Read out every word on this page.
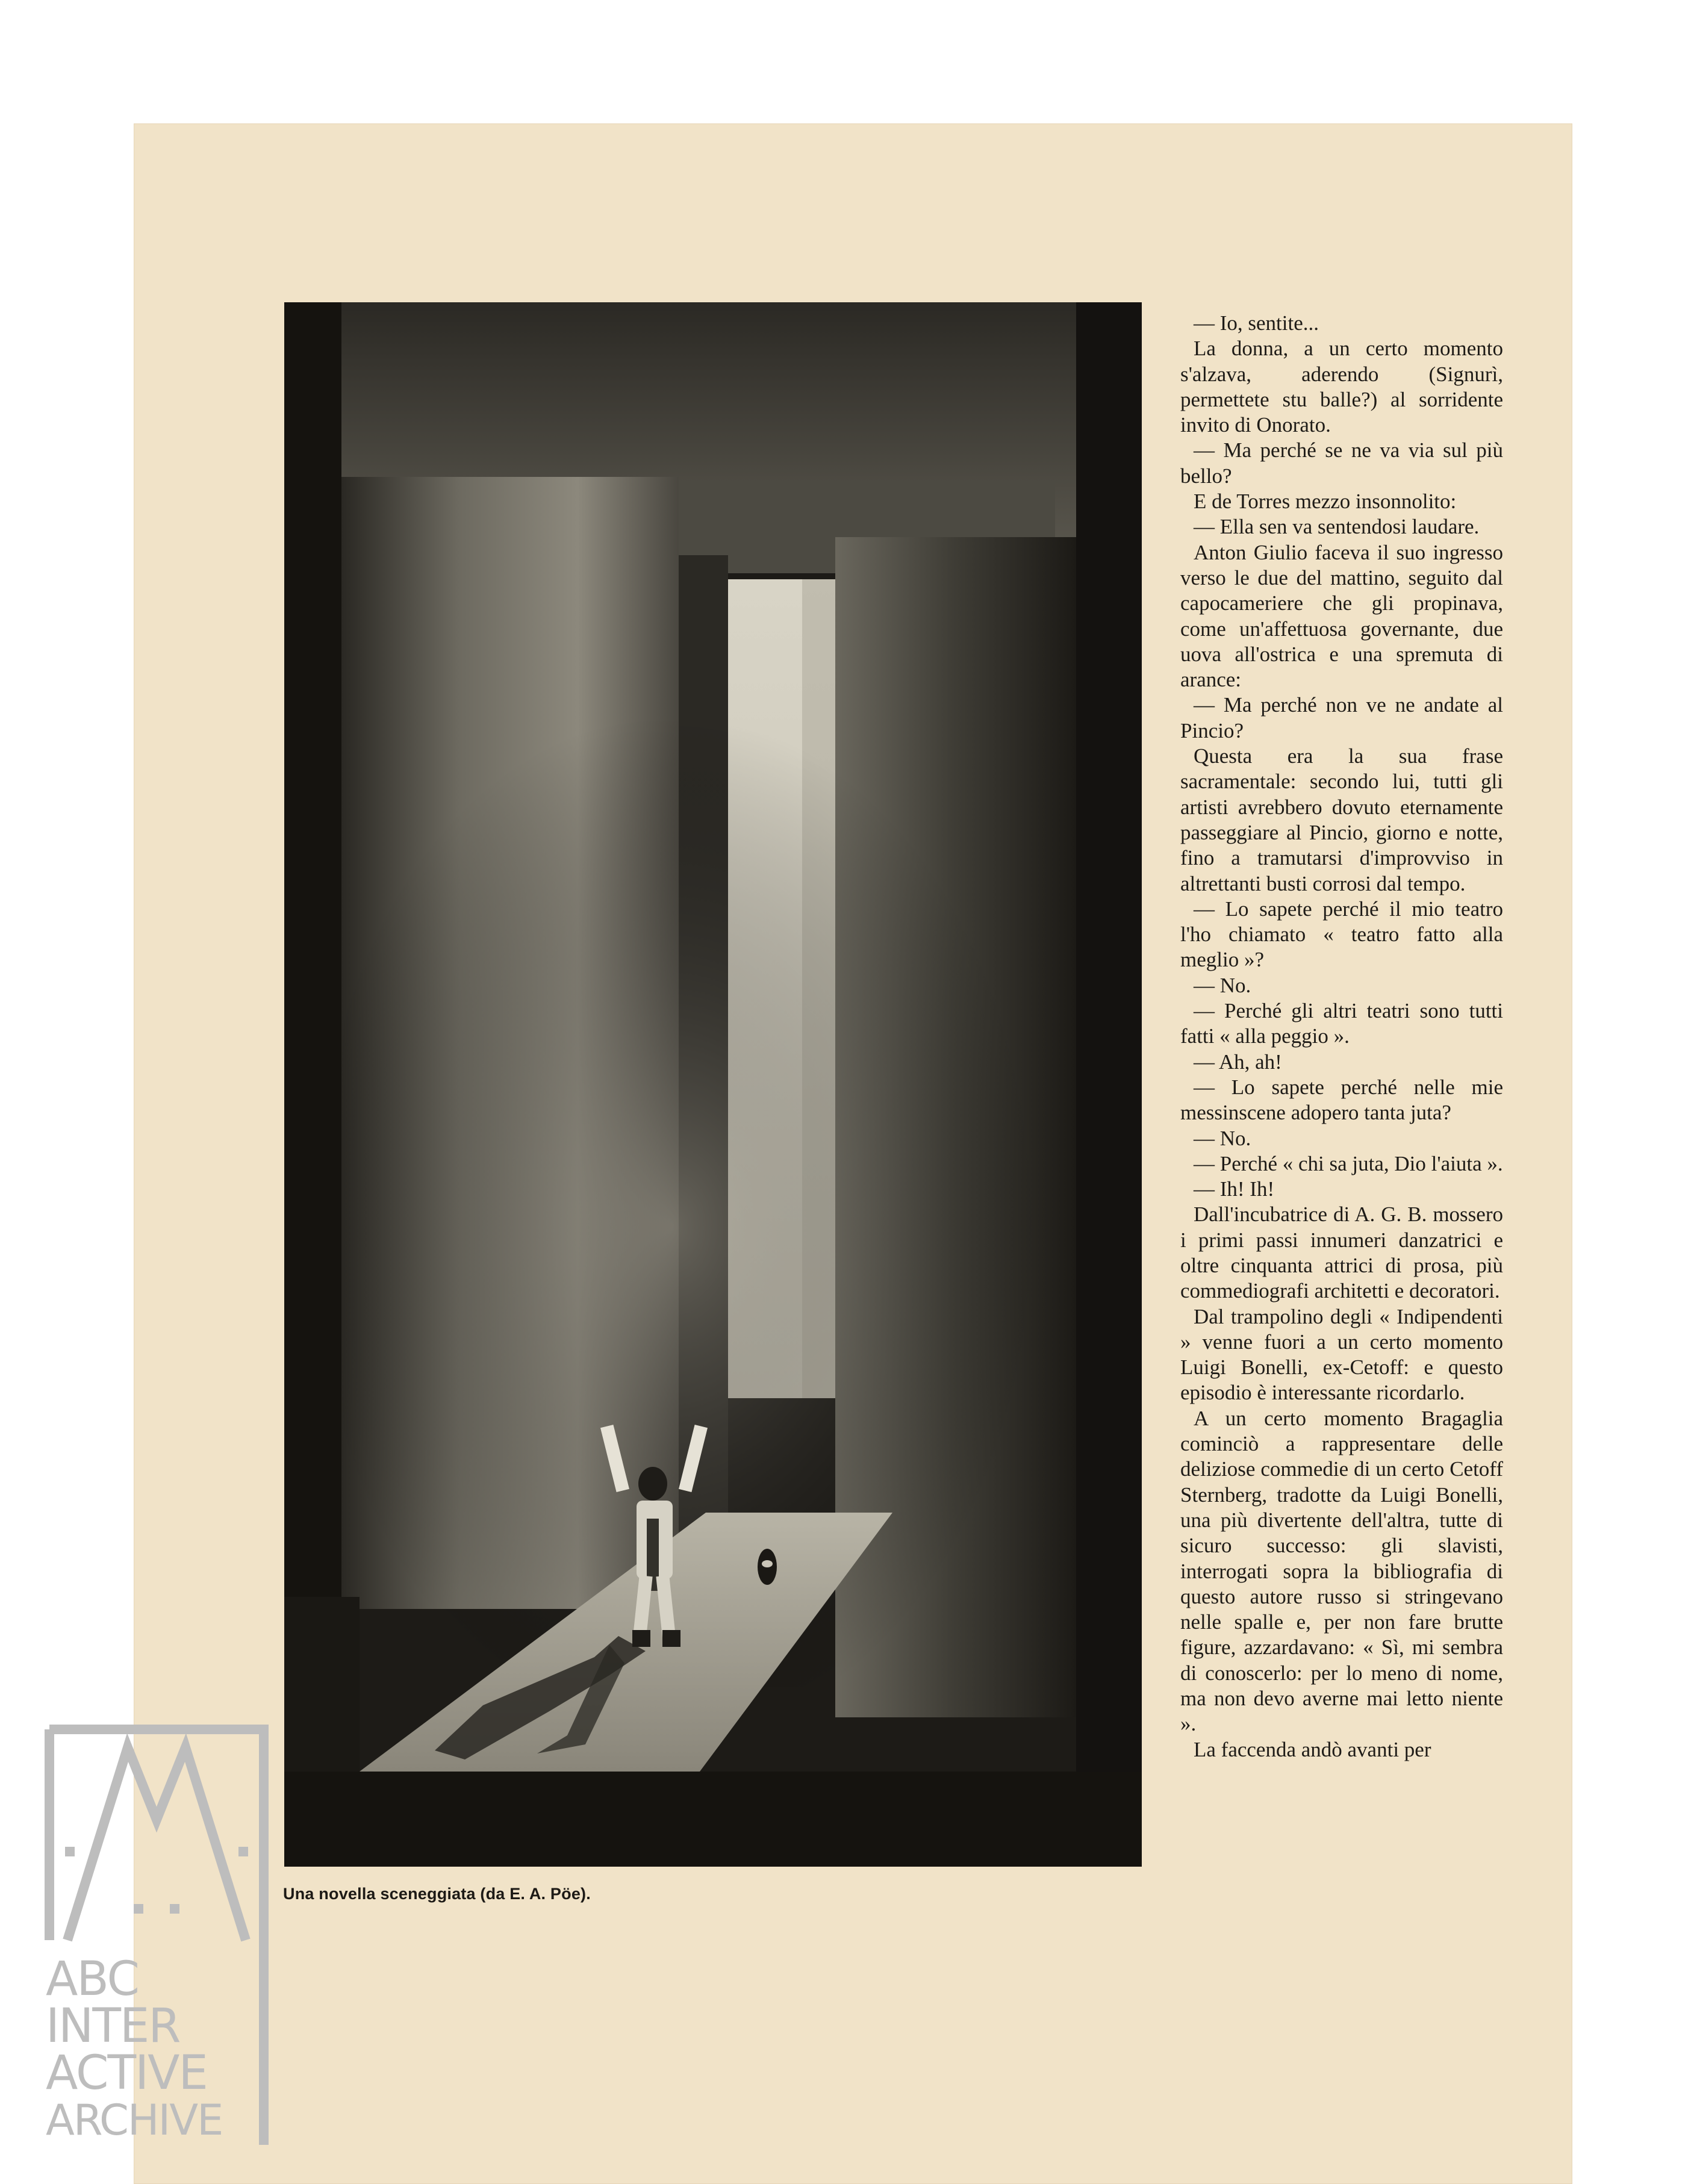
Una novella sceneggiata (da E. A. Pöe).

— Io, sentite...

La donna, a un certo momento s'alzava, aderendo (Signurì, permettete stu balle?) al sorridente invito di Onorato.

— Ma perché se ne va via sul più bello?

E de Torres mezzo insonnolito:

— Ella sen va sentendosi laudare.

Anton Giulio faceva il suo ingresso verso le due del mattino, seguito dal capocameriere che gli propinava, come un'affettuosa governante, due uova all'ostrica e una spremuta di arance:

— Ma perché non ve ne andate al Pincio?

Questa era la sua frase sacramentale: secondo lui, tutti gli artisti avrebbero dovuto eternamente passeggiare al Pincio, giorno e notte, fino a tramutarsi d'improvviso in altrettanti busti corrosi dal tempo.

— Lo sapete perché il mio teatro l'ho chiamato « teatro fatto alla meglio »?

— No.

— Perché gli altri teatri sono tutti fatti « alla peggio ».

— Ah, ah!

— Lo sapete perché nelle mie messinscene adopero tanta juta?

— No.

— Perché « chi sa juta, Dio l'aiuta ».

— Ih! Ih!

Dall'incubatrice di A. G. B. mossero i primi passi innumeri danzatrici e oltre cinquanta attrici di prosa, più commediografi architetti e decoratori.

Dal trampolino degli « Indipendenti » venne fuori a un certo momento Luigi Bonelli, ex-Cetoff: e questo episodio è interessante ricordarlo.

A un certo momento Bragaglia cominciò a rappresentare delle deliziose commedie di un certo Cetoff Sternberg, tradotte da Luigi Bonelli, una più divertente dell'altra, tutte di sicuro successo: gli slavisti, interrogati sopra la bibliografia di questo autore russo si stringevano nelle spalle e, per non fare brutte figure, azzardavano: « Sì, mi sembra di conoscerlo: per lo meno di nome, ma non devo averne mai letto niente ».

La faccenda andò avanti per

ABC
INTER
ACTIVE
ARCHIVE
